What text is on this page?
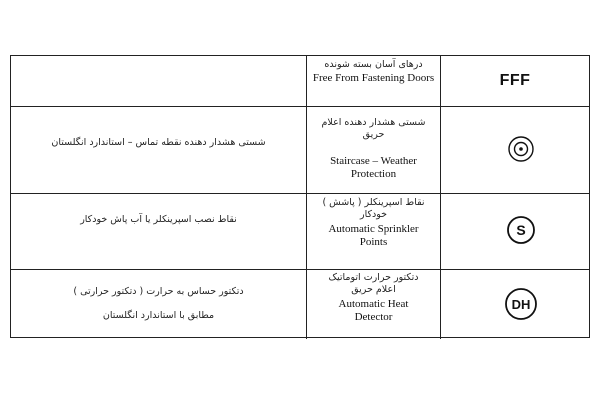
درهای آسان بسته شونده
Free From Fastening Doors	FFF
شستی هشدار دهنده نقطه تماس – استاندارد انگلستان
شستی هشدار دهنده اعلام حریق
Staircase – Weather Protection
نقاط نصب اسپرینکلر یا آب پاش خودکار
نقاط اسپرینکلر ( پاشش ) خودکار
Automatic Sprinkler Points
S
دتکتور حساس به حرارت ( دتکتور حرارتی )
مطابق با استاندارد انگلستان
دتکتور حرارت اتوماتیک اعلام حریق
Automatic Heat Detector
DH
